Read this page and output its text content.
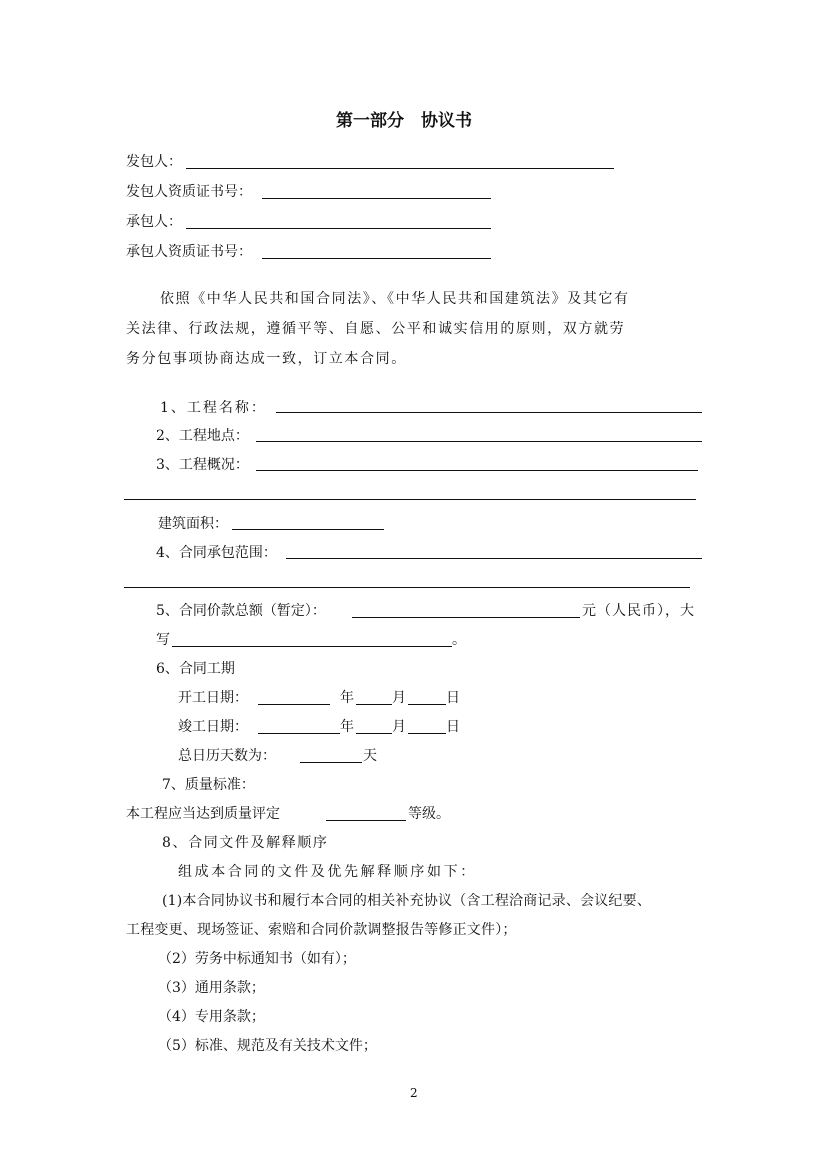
第一部分　协议书
发包人：
发包人资质证书号：
承包人：
承包人资质证书号：
依照《中华人民共和国合同法》、《中华人民共和国建筑法》及其它有
关法律、行政法规，遵循平等、自愿、公平和诚实信用的原则，双方就劳
务分包事项协商达成一致，订立本合同。
1、工程名称：
2、工程地点：
3、工程概况：
建筑面积：
4、合同承包范围：
5、合同价款总额（暂定）：	元（人民币），大
写	。
6、合同工期
开工日期：	年	月	日
竣工日期：	年	月	日
总日历天数为：	天
7、质量标准：
本工程应当达到质量评定	等级。
8、合同文件及解释顺序
组成本合同的文件及优先解释顺序如下：
(1)本合同协议书和履行本合同的相关补充协议（含工程洽商记录、会议纪要、
工程变更、现场签证、索赔和合同价款调整报告等修正文件）；
（2）劳务中标通知书（如有）；
（3）通用条款；
（4）专用条款；
（5）标准、规范及有关技术文件；
2
